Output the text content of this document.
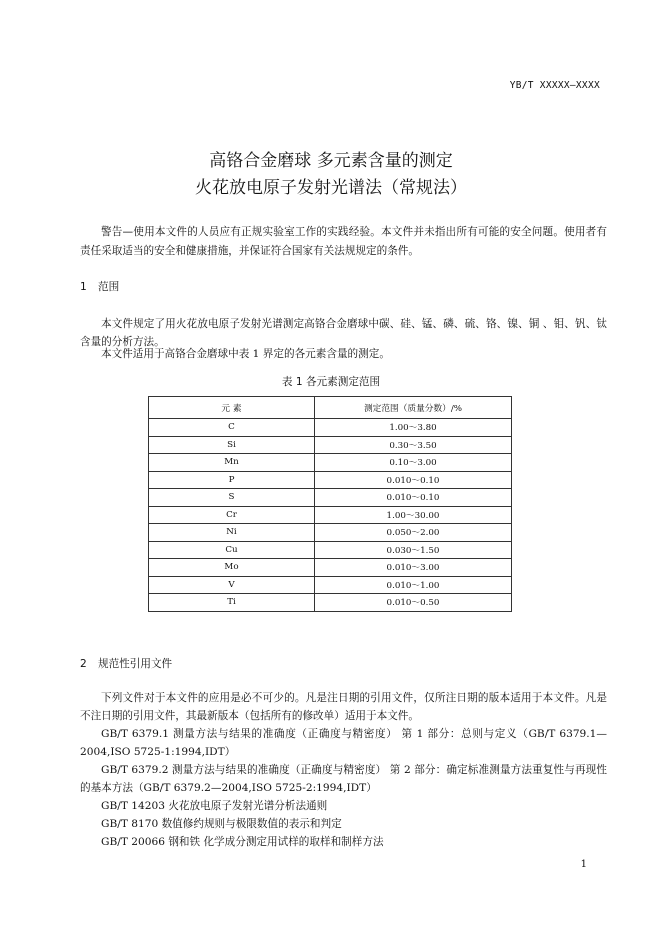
YB/T XXXXX—XXXX
高铬合金磨球 多元素含量的测定
火花放电原子发射光谱法（常规法）
警告—使用本文件的人员应有正规实验室工作的实践经验。本文件并未指出所有可能的安全问题。使用者有责任采取适当的安全和健康措施，并保证符合国家有关法规规定的条件。
1 范围
本文件规定了用火花放电原子发射光谱测定高铬合金磨球中碳、硅、锰、磷、硫、铬、镍、铜 、钼、钒、钛含量的分析方法。
本文件适用于高铬合金磨球中表 1 界定的各元素含量的测定。
表 1 各元素测定范围
元 素	测定范围（质量分数）/%
C	1.00～3.80
Si	0.30～3.50
Mn	0.10～3.00
P	0.010～0.10
S	0.010～0.10
Cr	1.00～30.00
Ni	0.050～2.00
Cu	0.030～1.50
Mo	0.010～3.00
V	0.010～1.00
Ti	0.010～0.50
2 规范性引用文件
下列文件对于本文件的应用是必不可少的。凡是注日期的引用文件，仅所注日期的版本适用于本文件。凡是不注日期的引用文件，其最新版本（包括所有的修改单）适用于本文件。
GB/T 6379.1 测量方法与结果的准确度（正确度与精密度） 第 1 部分：总则与定义（GB/T 6379.1—2004,ISO 5725-1:1994,IDT）
GB/T 6379.2 测量方法与结果的准确度（正确度与精密度） 第 2 部分：确定标准测量方法重复性与再现性的基本方法（GB/T 6379.2—2004,ISO 5725-2:1994,IDT）
GB/T 14203 火花放电原子发射光谱分析法通则
GB/T 8170 数值修约规则与极限数值的表示和判定
GB/T 20066 钢和铁 化学成分测定用试样的取样和制样方法
1
